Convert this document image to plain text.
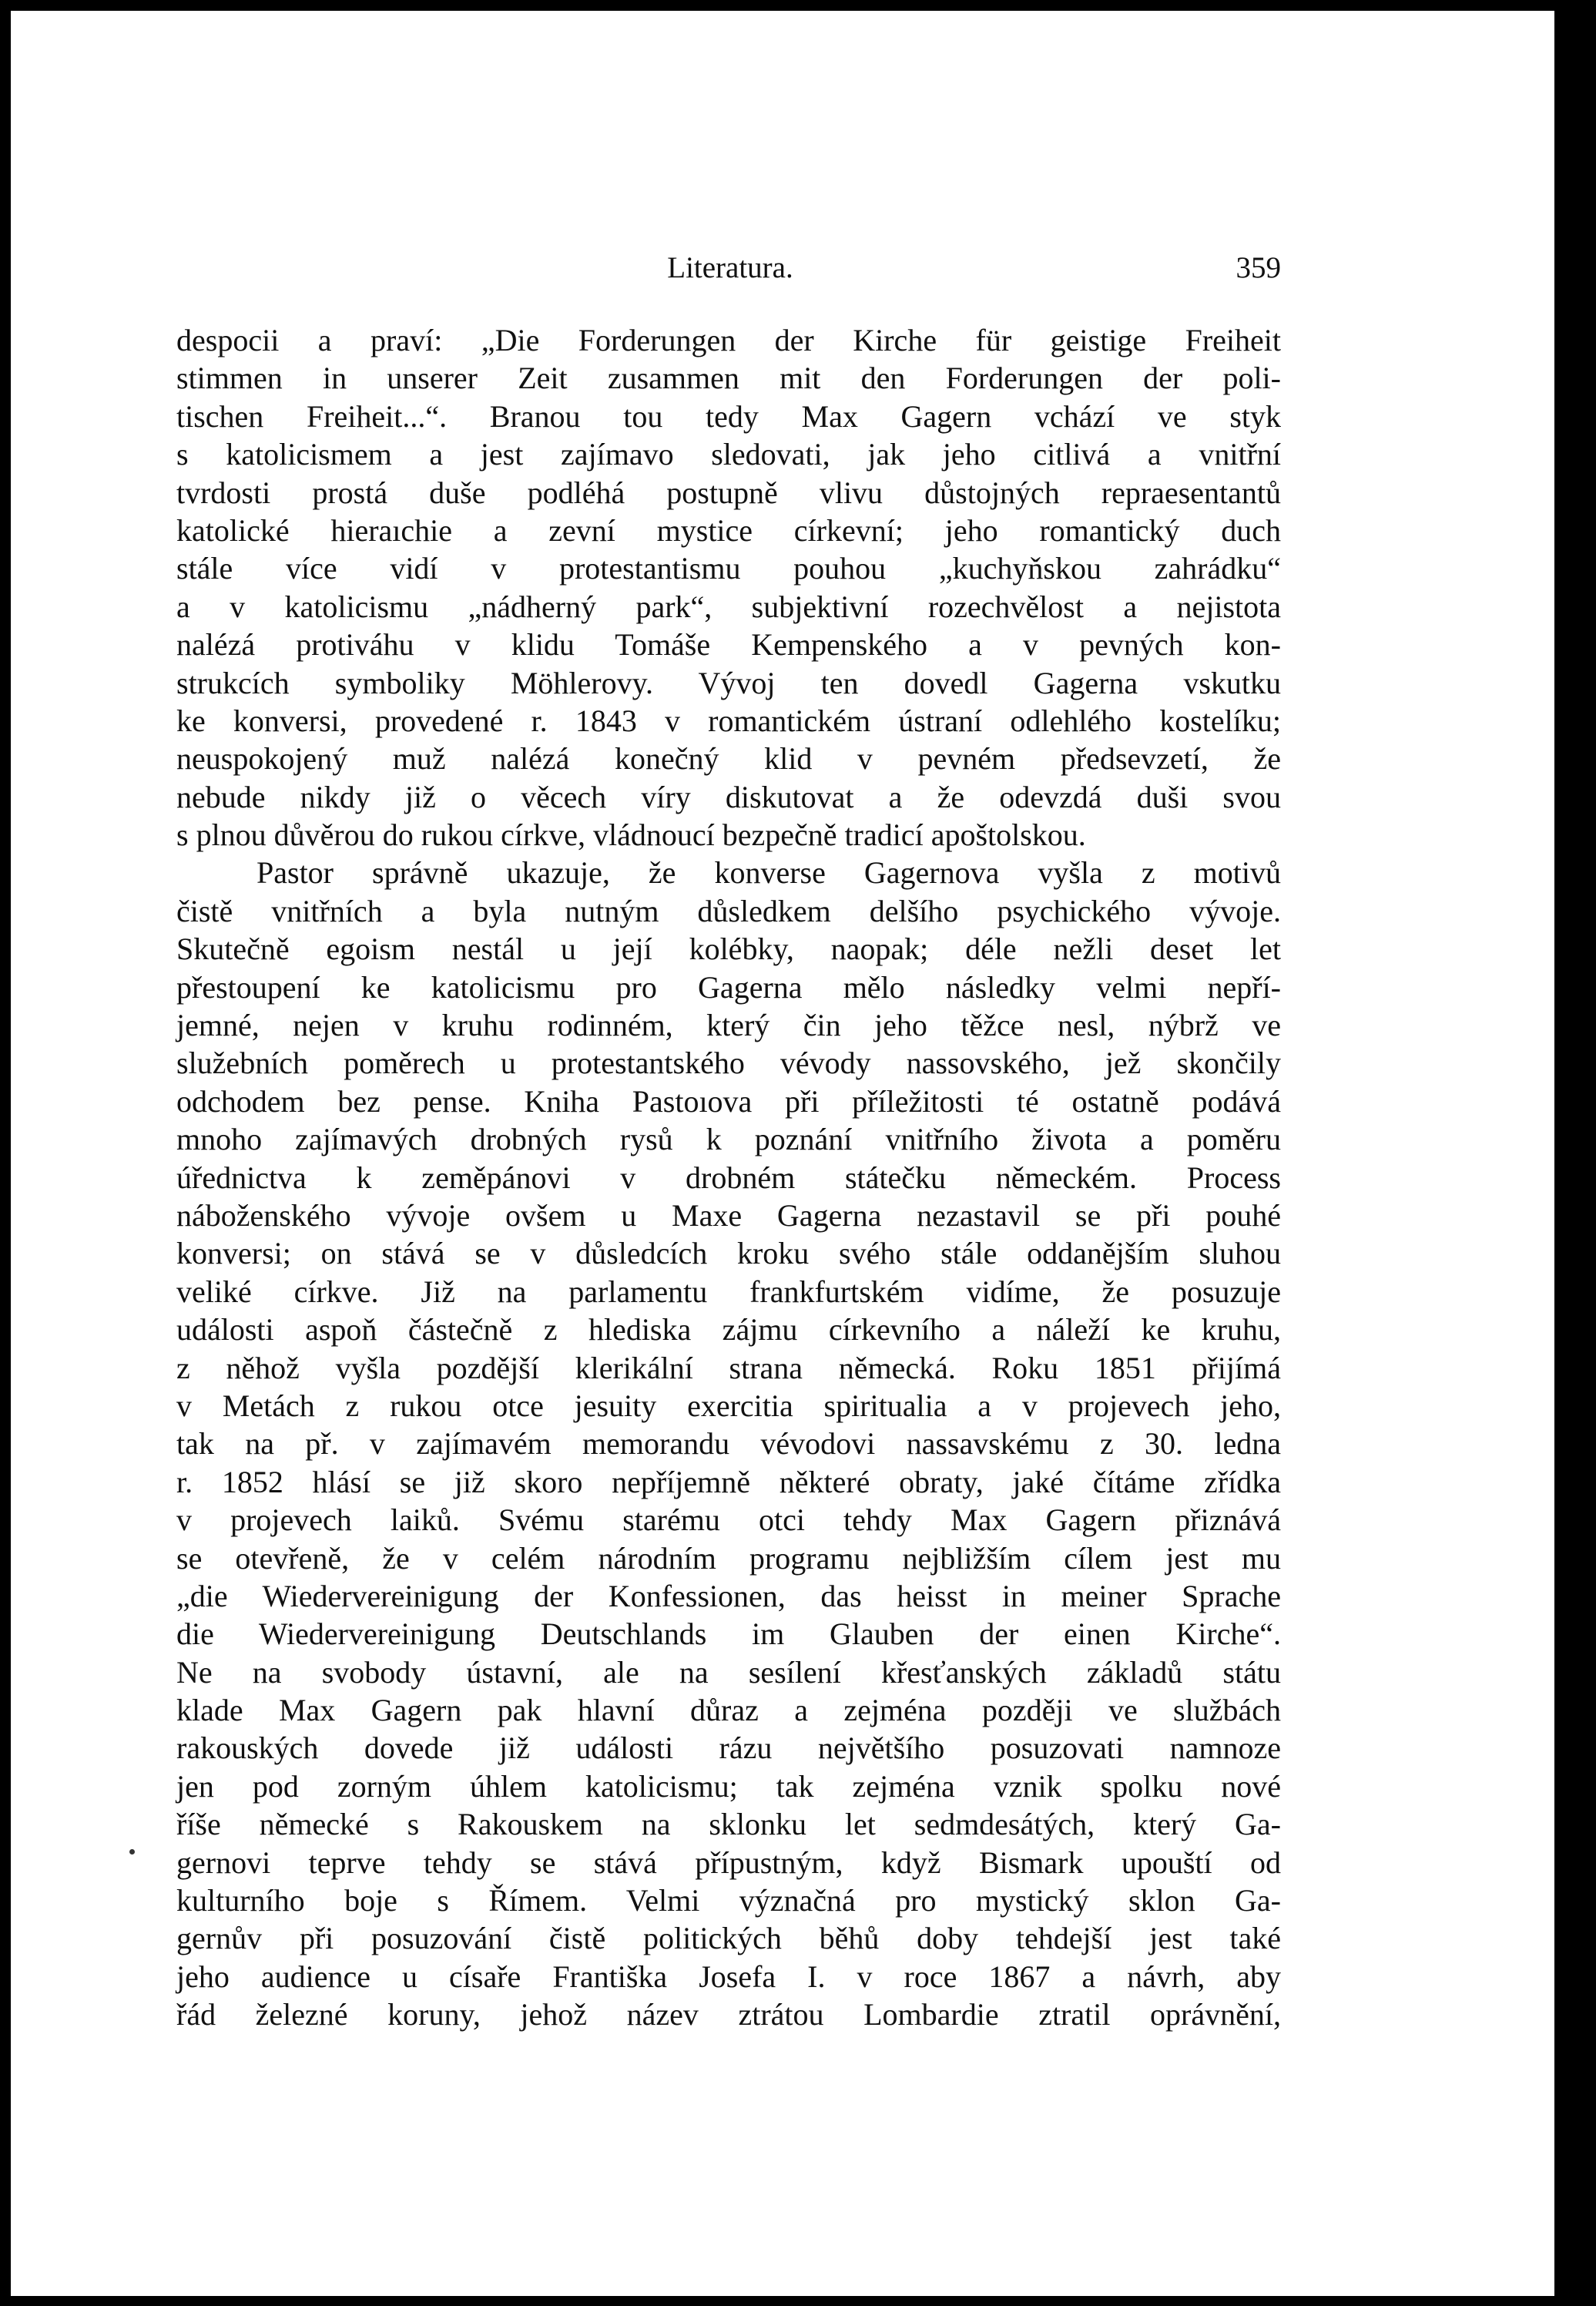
Literatura.	359
despocii a praví: „Die Forderungen der Kirche für geistige Freiheit
stimmen in unserer Zeit zusammen mit den Forderungen der poli-
tischen Freiheit...“. Branou tou tedy Max Gagern vchází ve styk
s katolicismem a jest zajímavo sledovati, jak jeho citlivá a vnitřní
tvrdosti prostá duše podléhá postupně vlivu důstojných repraesentantů
katolické hieraıchie a zevní mystice církevní; jeho romantický duch
stále více vidí v protestantismu pouhou „kuchyňskou zahrádku“
a v katolicismu „nádherný park“, subjektivní rozechvělost a nejistota
nalézá protiváhu v klidu Tomáše Kempenského a v pevných kon-
strukcích symboliky Möhlerovy. Vývoj ten dovedl Gagerna vskutku
ke konversi, provedené r. 1843 v romantickém ústraní odlehlého kostelíku;
neuspokojený muž nalézá konečný klid v pevném předsevzetí, že
nebude nikdy již o věcech víry diskutovat a že odevzdá duši svou
s plnou důvěrou do rukou církve, vládnoucí bezpečně tradicí apoštolskou.
Pastor správně ukazuje, že konverse Gagernova vyšla z motivů
čistě vnitřních a byla nutným důsledkem delšího psychického vývoje.
Skutečně egoism nestál u její kolébky, naopak; déle nežli deset let
přestoupení ke katolicismu pro Gagerna mělo následky velmi nepří-
jemné, nejen v kruhu rodinném, který čin jeho těžce nesl, nýbrž ve
služebních poměrech u protestantského vévody nassovského, jež skončily
odchodem bez pense. Kniha Pastoıova při příležitosti té ostatně podává
mnoho zajímavých drobných rysů k poznání vnitřního života a poměru
úřednictva k zeměpánovi v drobném státečku německém. Process
náboženského vývoje ovšem u Maxe Gagerna nezastavil se při pouhé
konversi; on stává se v důsledcích kroku svého stále oddanějším sluhou
veliké církve. Již na parlamentu frankfurtském vidíme, že posuzuje
události aspoň částečně z hlediska zájmu církevního a náleží ke kruhu,
z něhož vyšla pozdější klerikální strana německá. Roku 1851 přijímá
v Metách z rukou otce jesuity exercitia spiritualia a v projevech jeho,
tak na př. v zajímavém memorandu vévodovi nassavskému z 30. ledna
r. 1852 hlásí se již skoro nepříjemně některé obraty, jaké čítáme zřídka
v projevech laiků. Svému starému otci tehdy Max Gagern přiznává
se otevřeně, že v celém národním programu nejbližším cílem jest mu
„die Wiedervereinigung der Konfessionen, das heisst in meiner Sprache
die Wiedervereinigung Deutschlands im Glauben der einen Kirche“.
Ne na svobody ústavní, ale na sesílení křesťanských základů státu
klade Max Gagern pak hlavní důraz a zejména později ve službách
rakouských dovede již události rázu největšího posuzovati namnoze
jen pod zorným úhlem katolicismu; tak zejména vznik spolku nové
říše německé s Rakouskem na sklonku let sedmdesátých, který Ga-
gernovi teprve tehdy se stává přípustným, když Bismark upouští od
kulturního boje s Římem. Velmi význačná pro mystický sklon Ga-
gernův při posuzování čistě politických běhů doby tehdejší jest také
jeho audience u císaře Františka Josefa I. v roce 1867 a návrh, aby
řád železné koruny, jehož název ztrátou Lombardie ztratil oprávnění,
